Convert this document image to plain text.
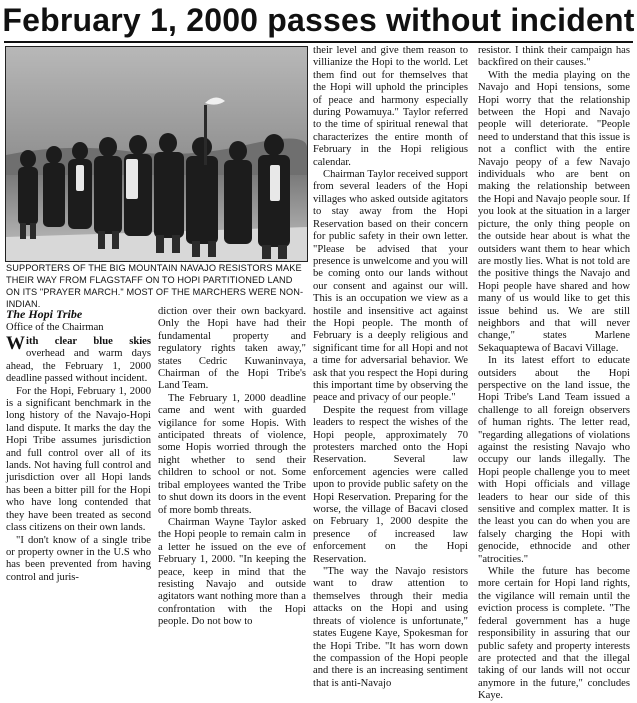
February 1, 2000 passes without incident
SUPPORTERS OF THE BIG MOUNTAIN NAVAJO RESISTORS MAKE THEIR WAY FROM FLAGSTAFF ON TO HOPI PARTITIONED LAND ON ITS "PRAYER MARCH." MOST OF THE MARCHERS WERE NON-INDIAN.
The Hopi Tribe
Office of the Chairman

With clear blue skies overhead and warm days ahead, the February 1, 2000 deadline passed without incident.

For the Hopi, February 1, 2000 is a significant benchmark in the long history of the Navajo-Hopi land dispute. It marks the day the Hopi Tribe assumes jurisdiction and full control over all of its lands. Not having full control and jurisdiction over all Hopi lands has been a bitter pill for the Hopi who have long contended that they have been treated as second class citizens on their own lands.

"I don't know of a single tribe or property owner in the U.S who has been prevented from having control and juris-

diction over their own backyard. Only the Hopi have had their fundamental property and regulatory rights taken away," states Cedric Kuwaninvaya, Chairman of the Hopi Tribe's Land Team.

The February 1, 2000 deadline came and went with guarded vigilance for some Hopis. With anticipated threats of violence, some Hopis worried through the night whether to send their children to school or not. Some tribal employees wanted the Tribe to shut down its doors in the event of more bomb threats.

Chairman Wayne Taylor asked the Hopi people to remain calm in a letter he issued on the eve of February 1, 2000. "In keeping the peace, keep in mind that the resisting Navajo and outside agitators want nothing more than a confrontation with the Hopi people. Do not bow to

their level and give them reason to villianize the Hopi to the world. Let them find out for themselves that the Hopi will uphold the principles of peace and harmony especially during Powamuya." Taylor referred to the time of spiritual renewal that characterizes the entire month of February in the Hopi religious calendar.

Chairman Taylor received support from several leaders of the Hopi villages who asked outside agitators to stay away from the Hopi Reservation based on their concern for public safety in their own letter. "Please be advised that your presence is unwelcome and you will be coming onto our lands without our consent and against our will. This is an occupation we view as a hostile and insensitive act against the Hopi people. The month of February is a deeply religious and significant time for all Hopi and not a time for adversarial behavior. We ask that you respect the Hopi during this important time by observing the peace and privacy of our people."

Despite the request from village leaders to respect the wishes of the Hopi people, approximately 70 protesters marched onto the Hopi Reservation. Several law enforcement agencies were called upon to provide public safety on the Hopi Reservation. Preparing for the worse, the village of Bacavi closed on February 1, 2000 despite the presence of increased law enforcement on the Hopi Reservation.

"The way the Navajo resistors want to draw attention to themselves through their media attacks on the Hopi and using threats of violence is unfortunate," states Eugene Kaye, Spokesman for the Hopi Tribe. "It has worn down the compassion of the Hopi people and there is an increasing sentiment that is anti-Navajo

resistor. I think their campaign has backfired on their causes."

With the media playing on the Navajo and Hopi tensions, some Hopi worry that the relationship between the Hopi and Navajo people will deteriorate. "People need to understand that this issue is not a conflict with the entire Navajo peopy of a few Navajo individuals who are bent on making the relationship between the Hopi and Navajo people sour. If you look at the situation in a larger picture, the only thing people on the outside hear about is what the outsiders want them to hear which are mostly lies. What is not told are the positive things the Navajo and Hopi people have shared and how many of us would like to get this issue behind us. We are still neighbors and that will never change," states Marlene Sekaquaptewa of Bacavi Village.

In its latest effort to educate outsiders about the Hopi perspective on the land issue, the Hopi Tribe's Land Team issued a challenge to all foreign observers of human rights. The letter read, "regarding allegations of violations against the resisting Navajo who occupy our lands illegally. The Hopi people challenge you to meet with Hopi officials and village leaders to hear our side of this sensitive and complex matter. It is the least you can do when you are falsely charging the Hopi with genocide, ethnocide and other "atrocities."

While the future has become more certain for Hopi land rights, the vigilance will remain until the eviction process is complete. "The federal government has a huge responsibility in assuring that our public safety and property interests are protected and that the illegal taking of our lands will not occur anymore in the future," concludes Kaye.
